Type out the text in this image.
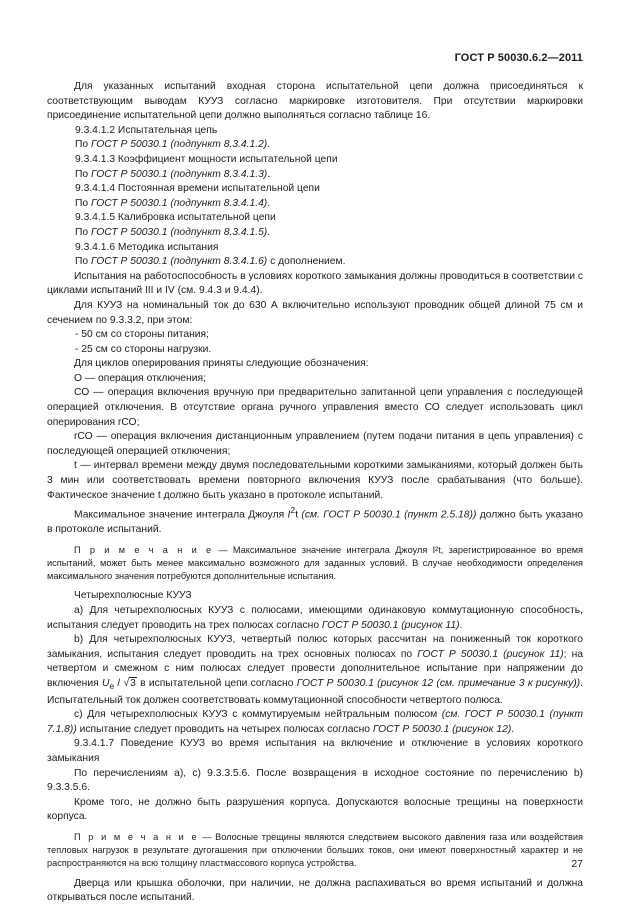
ГОСТ Р 50030.6.2—2011

Для указанных испытаний входная сторона испытательной цепи должна присоединяться к соответствующим выводам КУУЗ согласно маркировке изготовителя. При отсутствии маркировки присоединение испытательной цепи должно выполняться согласно таблице 16.

9.3.4.1.2 Испытательная цепь

По ГОСТ Р 50030.1 (подпункт 8.3.4.1.2).

9.3.4.1.3 Коэффициент мощности испытательной цепи

По ГОСТ Р 50030.1 (подпункт 8.3.4.1.3).

9.3.4.1.4 Постоянная времени испытательной цепи

По ГОСТ Р 50030.1 (подпункт 8.3.4.1.4).

9.3.4.1.5 Калибровка испытательной цепи

По ГОСТ Р 50030.1 (подпункт 8.3.4.1.5).

9.3.4.1.6 Методика испытания

По ГОСТ Р 50030.1 (подпункт 8.3.4.1.6) с дополнением.

Испытания на работоспособность в условиях короткого замыкания должны проводиться в соответствии с циклами испытаний III и IV (см. 9.4.3 и 9.4.4).

Для КУУЗ на номинальный ток до 630 А включительно используют проводник общей длиной 75 см и сечением по 9.3.3.2, при этом:

- 50 см со стороны питания;

- 25 см со стороны нагрузки.

Для циклов оперирования приняты следующие обозначения:

О — операция отключения;

СО — операция включения вручную при предварительно запитанной цепи управления с последующей операцией отключения. В отсутствие органа ручного управления вместо СО следует использовать цикл оперирования rСО;

rСО — операция включения дистанционным управлением (путем подачи питания в цепь управления) с последующей операцией отключения;

t — интервал времени между двумя последовательными короткими замыканиями, который должен быть 3 мин или соответствовать времени повторного включения КУУЗ после срабатывания (что больше). Фактическое значение t должно быть указано в протоколе испытаний.

Максимальное значение интеграла Джоуля $I^2t$ (см. ГОСТ Р 50030.1 (пункт 2.5.18)) должно быть указано в протоколе испытаний.

П р и м е ч а н и е — Максимальное значение интеграла Джоуля I²t, зарегистрированное во время испытаний, может быть менее максимально возможного для заданных условий. В случае необходимости определения максимального значения потребуются дополнительные испытания.

Четырехполюсные КУУЗ

а) Для четырехполюсных КУУЗ с полюсами, имеющими одинаковую коммутационную способность, испытания следует проводить на трех полюсах согласно ГОСТ Р 50030.1 (рисунок 11).

b) Для четырехполюсных КУУЗ, четвертый полюс которых рассчитан на пониженный ток короткого замыкания, испытания следует проводить на трех основных полюсах по ГОСТ Р 50030.1 (рисунок 11); на четвертом и смежном с ним полюсах следует провести дополнительное испытание при напряжении до включения $U_e / √3$ в испытательной цепи согласно ГОСТ Р 50030.1 (рисунок 12 (см. примечание 3 к рисунку)). Испытательный ток должен соответствовать коммутационной способности четвертого полюса.

с) Для четырехполюсных КУУЗ с коммутируемым нейтральным полюсом (см. ГОСТ Р 50030.1 (пункт 7.1.8)) испытание следует проводить на четырех полюсах согласно ГОСТ Р 50030.1 (рисунок 12).

9.3.4.1.7 Поведение КУУЗ во время испытания на включение и отключение в условиях короткого замыкания

По перечислениям а), с) 9.3.3.5.6. После возвращения в исходное состояние по перечислению b) 9.3.3.5.6.

Кроме того, не должно быть разрушения корпуса. Допускаются волосные трещины на поверхности корпуса.

П р и м е ч а н и е — Волосные трещины являются следствием высокого давления газа или воздействия тепловых нагрузок в результате дугогашения при отключении больших токов, они имеют поверхностный характер и не распространяются на всю толщину пластмассового корпуса устройства.

Дверца или крышка оболочки, при наличии, не должна распахиваться во время испытаний и должна открываться после испытаний.

27
